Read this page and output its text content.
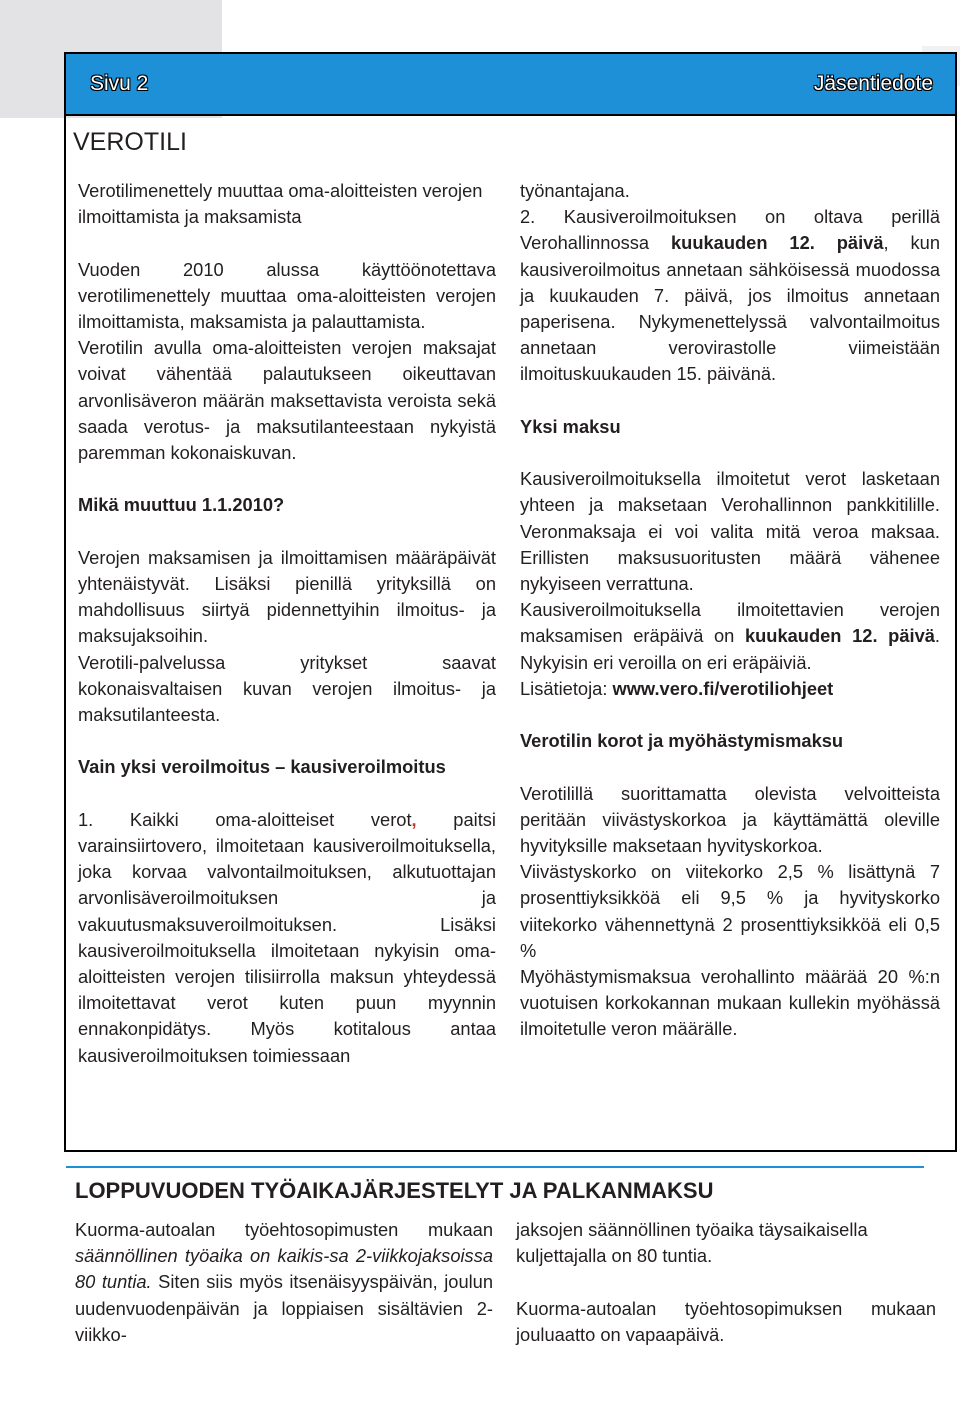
Sivu 2	Jäsentiedote
VEROTILI

Verotilimenettely muuttaa oma-aloitteisten verojen ilmoittamista ja maksamista

Vuoden 2010 alussa käyttöönotettava verotilimenettely muuttaa oma-aloitteisten verojen ilmoittamista, maksamista ja palauttamista.

Verotilin avulla oma-aloitteisten verojen maksajat voivat vähentää palautukseen oikeuttavan arvonlisäveron määrän maksettavista veroista sekä saada verotus- ja maksutilanteestaan nykyistä paremman kokonaiskuvan.

Mikä muuttuu 1.1.2010?

Verojen maksamisen ja ilmoittamisen määräpäivät yhtenäistyvät. Lisäksi pienillä yrityksillä on mahdollisuus siirtyä pidennettyihin ilmoitus- ja maksujaksoihin.

Verotili-palvelussa yritykset saavat kokonaisvaltaisen kuvan verojen ilmoitus- ja maksutilanteesta.

Vain yksi veroilmoitus – kausiveroilmoitus

1. Kaikki oma-aloitteiset verot, paitsi varainsiirtovero, ilmoitetaan kausiveroilmoituksella, joka korvaa valvontailmoituksen, alkutuottajan arvonlisäveroilmoituksen ja vakuutusmaksuveroilmoituksen. Lisäksi kausiveroilmoituksella ilmoitetaan nykyisin oma-aloitteisten verojen tilisiirrolla maksun yhteydessä ilmoitettavat verot kuten puun myynnin ennakonpidätys. Myös kotitalous antaa kausiveroilmoituksen toimiessaan

työnantajana.

2. Kausiveroilmoituksen on oltava perillä Verohallinnossa kuukauden 12. päivä, kun kausiveroilmoitus annetaan sähköisessä muodossa ja kuukauden 7. päivä, jos ilmoitus annetaan paperisena. Nykymenettelyssä valvontailmoitus annetaan verovirastolle viimeistään ilmoituskuukauden 15. päivänä.

Yksi maksu

Kausiveroilmoituksella ilmoitetut verot lasketaan yhteen ja maksetaan Verohallinnon pankkitilille. Veronmaksaja ei voi valita mitä veroa maksaa. Erillisten maksusuoritusten määrä vähenee nykyiseen verrattuna.

Kausiveroilmoituksella ilmoitettavien verojen maksamisen eräpäivä on kuukauden 12. päivä. Nykyisin eri veroilla on eri eräpäiviä.

Lisätietoja: www.vero.fi/verotiliohjeet

Verotilin korot ja myöhästymismaksu

Verotilillä suorittamatta olevista velvoitteista peritään viivästyskorkoa ja käyttämättä oleville hyvityksille maksetaan hyvityskorkoa.

Viivästyskorko on viitekorko 2,5 % lisättynä 7 prosenttiyksikköä eli 9,5 % ja hyvityskorko viitekorko vähennettynä 2 prosenttiyksikköä eli 0,5 %

Myöhästymismaksua verohallinto määrää 20 %:n vuotuisen korkokannan mukaan kullekin myöhässä ilmoitetulle veron määrälle.

LOPPUVUODEN TYÖAIKAJÄRJESTELYT JA PALKANMAKSU

Kuorma-autoalan työehtosopimusten mukaan säännöllinen työaika on kaikis-sa 2-viikkojaksoissa 80 tuntia. Siten siis myös itsenäisyyspäivän, joulun uudenvuodenpäivän ja loppiaisen sisältävien 2-viikko-

jaksojen säännöllinen työaika täysaikaisella kuljettajalla on 80 tuntia.

Kuorma-autoalan työehtosopimuksen mukaan jouluaatto on vapaapäivä.
